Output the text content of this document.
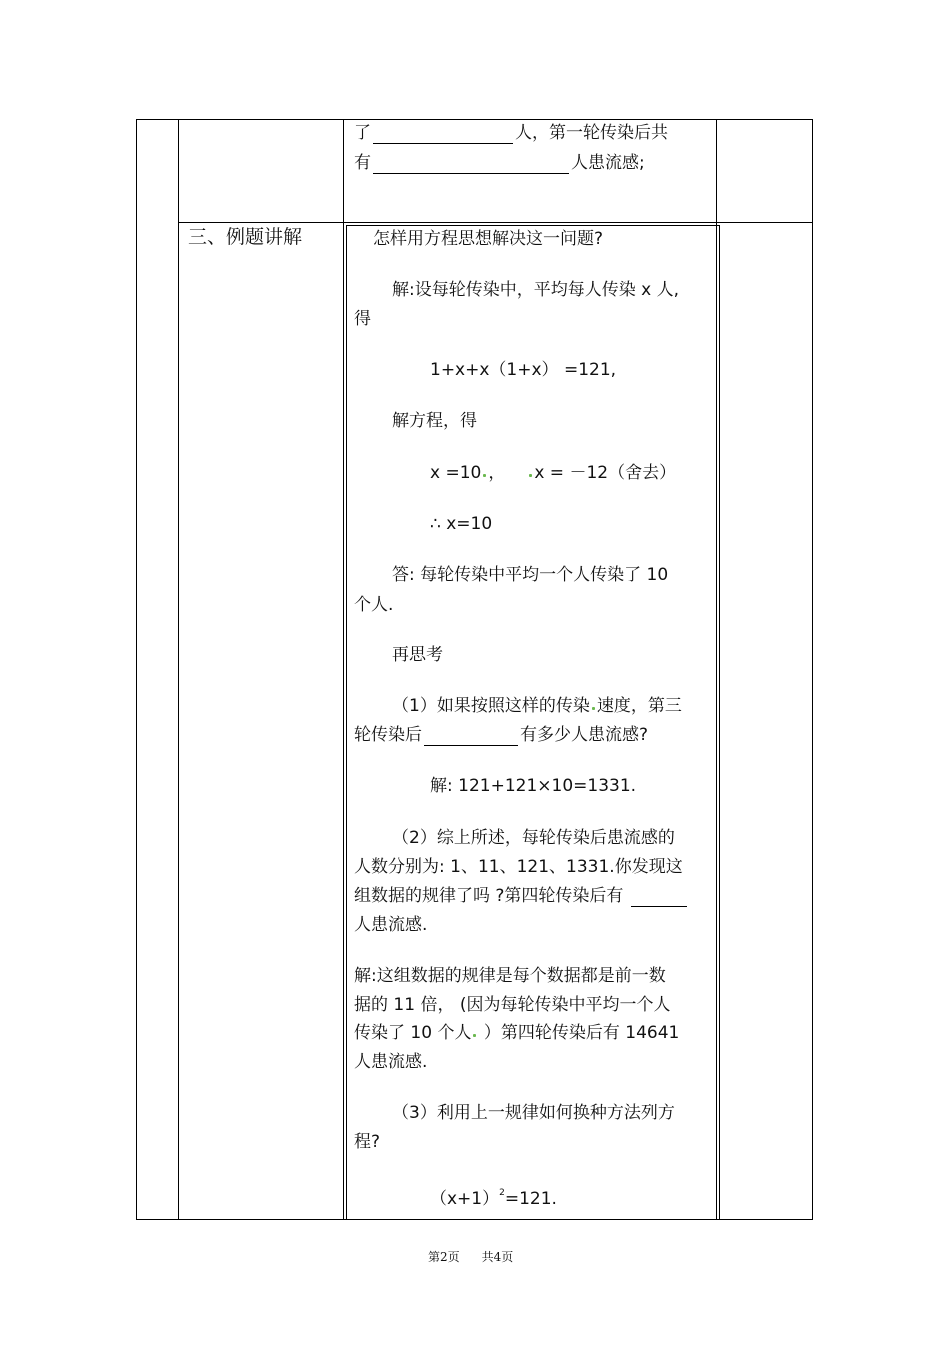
了	人，第一轮传染后共
有	人患流感;
三、例题讲解	怎样用方程思想解决这一问题?
解:设每轮传染中，平均每人传染 x 人,
得
1+x+x（1+x） =121,
解方程，得
x =10 ， x = －12（舍去）
∴ x=10
答: 每轮传染中平均一个人传染了 10
个人.
再思考
（1）如果按照这样的传染 速度，第三
轮传染后	有多少人患流感?
解: 121+121×10=1331.
（2）综上所述，每轮传染后患流感的
人数分别为: 1、11、121、1331.你发现这
组数据的规律了吗 ?第四轮传染后有
人患流感.
解:这组数据的规律是每个数据都是前一数
据的 11 倍， (因为每轮传染中平均一个人
传染了 10 个人 ）第四轮传染后有 14641
人患流感.
（3）利用上一规律如何换种方法列方
程?
$(x+1)^2=121$.
第2页 共4页
